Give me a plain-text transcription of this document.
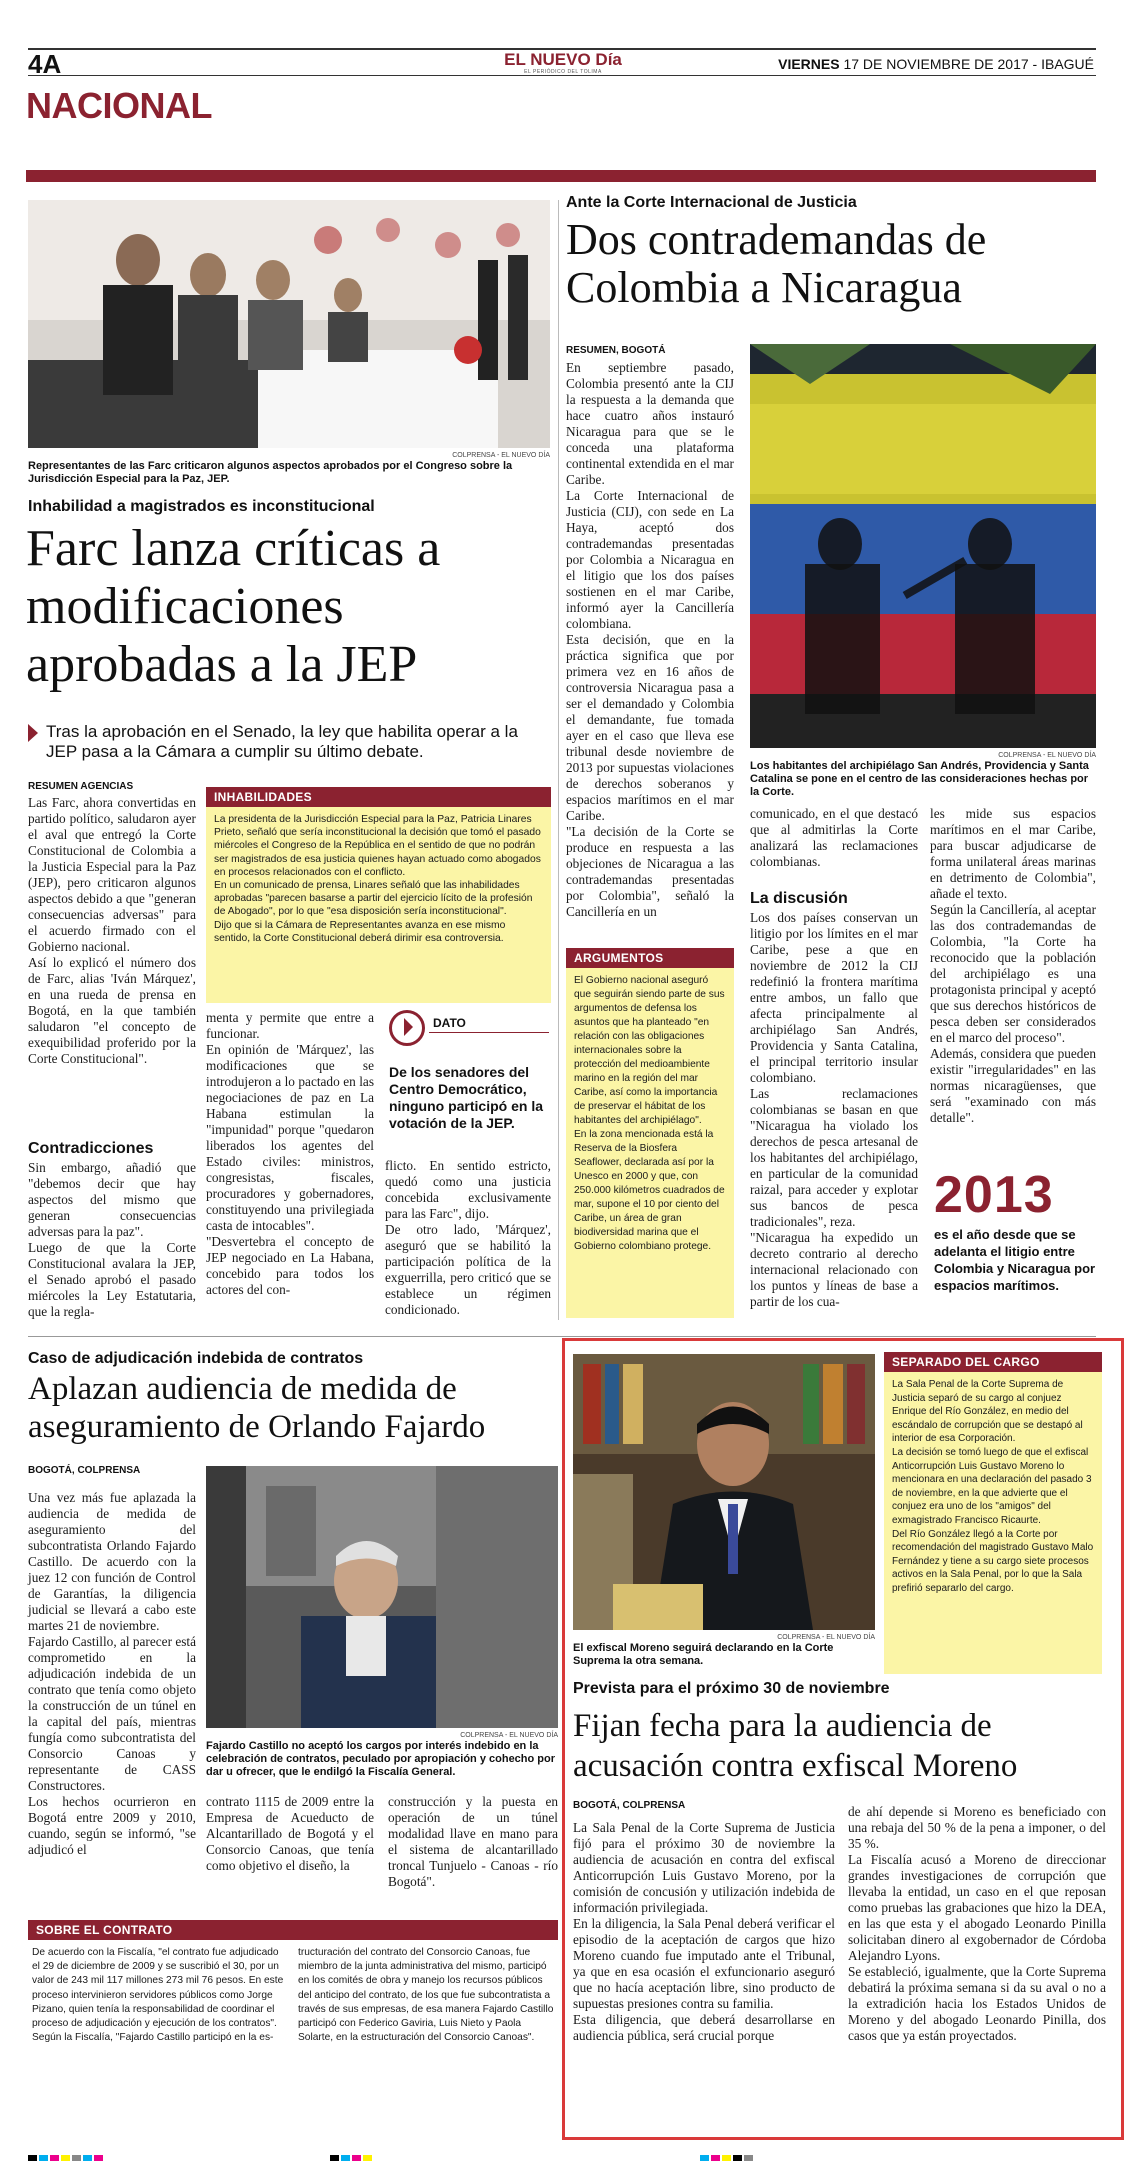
4A	EL NUEVO Día
EL PERIÓDICO DEL TOLIMA	VIERNES 17 DE NOVIEMBRE DE 2017 - IBAGUÉ
NACIONAL
COLPRENSA - EL NUEVO DÍA
Representantes de las Farc criticaron algunos aspectos aprobados por el Congreso sobre la Jurisdicción Especial para la Paz, JEP.
Inhabilidad a magistrados es inconstitucional
Farc lanza críticas a modificaciones aprobadas a la JEP
Tras la aprobación en el Senado, la ley que habilita operar a la JEP pasa a la Cámara a cumplir su último debate.
RESUMEN AGENCIAS
Las Farc, ahora convertidas en partido político, saludaron ayer el aval que entregó la Corte Constitucional de Colombia a la Justicia Especial para la Paz (JEP), pero criticaron algunos aspectos debido a que "generan consecuencias adversas" para el acuerdo firmado con el Gobierno nacional.
Así lo explicó el número dos de Farc, alias 'Iván Márquez', en una rueda de prensa en Bogotá, en la que también saludaron "el concepto de exequibilidad proferido por la Corte Constitucional".
Contradicciones
Sin embargo, añadió que "debemos decir que hay aspectos del mismo que generan consecuencias adversas para la paz".
Luego de que la Corte Constitucional avalara la JEP, el Senado aprobó el pasado miércoles la Ley Estatutaria, que la regla-
INHABILIDADES
La presidenta de la Jurisdicción Especial para la Paz, Patricia Linares Prieto, señaló que sería inconstitucional la decisión que tomó el pasado miércoles el Congreso de la República en el sentido de que no podrán ser magistrados de esa justicia quienes hayan actuado como abogados en procesos relacionados con el conflicto.
En un comunicado de prensa, Linares señaló que las inhabilidades aprobadas "parecen basarse a partir del ejercicio lícito de la profesión de Abogado", por lo que "esa disposición sería inconstitucional".
Dijo que si la Cámara de Representantes avanza en ese mismo sentido, la Corte Constitucional deberá dirimir esa controversia.
menta y permite que entre a funcionar.
En opinión de 'Márquez', las modificaciones que se introdujeron a lo pactado en las negociaciones de paz en La Habana estimulan la "impunidad" porque "quedaron liberados los agentes del Estado civiles: ministros, congresistas, fiscales, procuradores y gobernadores, constituyendo una privilegiada casta de intocables".
"Desvertebra el concepto de JEP negociado en La Habana, concebido para todos los actores del con-
DATO
De los senadores del Centro Democrático, ninguno participó en la votación de la JEP.
flicto. En sentido estricto, quedó como una justicia concebida exclusivamente para las Farc", dijo.
De otro lado, 'Márquez', aseguró que se habilitó la participación política de la exguerrilla, pero criticó que se establece un régimen condicionado.
Ante la Corte Internacional de Justicia
Dos contrademandas de Colombia a Nicaragua
RESUMEN, BOGOTÁ
En septiembre pasado, Colombia presentó ante la CIJ la respuesta a la demanda que hace cuatro años instauró Nicaragua para que se le conceda una plataforma continental extendida en el mar Caribe.
La Corte Internacional de Justicia (CIJ), con sede en La Haya, aceptó dos contrademandas presentadas por Colombia a Nicaragua en el litigio que los dos países sostienen en el mar Caribe, informó ayer la Cancillería colombiana.
Esta decisión, que en la práctica significa que por primera vez en 16 años de controversia Nicaragua pasa a ser el demandado y Colombia el demandante, fue tomada ayer en el caso que lleva ese tribunal desde noviembre de 2013 por supuestas violaciones de derechos soberanos y espacios marítimos en el mar Caribe.
"La decisión de la Corte se produce en respuesta a las objeciones de Nicaragua a las contrademandas presentadas por Colombia", señaló la Cancillería en un
COLPRENSA - EL NUEVO DÍA
Los habitantes del archipiélago San Andrés, Providencia y Santa Catalina se pone en el centro de las consideraciones hechas por la Corte.
ARGUMENTOS
El Gobierno nacional aseguró que seguirán siendo parte de sus argumentos de defensa los asuntos que ha planteado "en relación con las obligaciones internacionales sobre la protección del medioambiente marino en la región del mar Caribe, así como la importancia de preservar el hábitat de los habitantes del archipiélago".
En la zona mencionada está la Reserva de la Biosfera Seaflower, declarada así por la Unesco en 2000 y que, con 250.000 kilómetros cuadrados de mar, supone el 10 por ciento del Caribe, un área de gran biodiversidad marina que el Gobierno colombiano protege.
comunicado, en el que destacó que al admitirlas la Corte analizará las reclamaciones colombianas.
La discusión
Los dos países conservan un litigio por los límites en el mar Caribe, pese a que en noviembre de 2012 la CIJ redefinió la frontera marítima entre ambos, un fallo que afecta principalmente al archipiélago San Andrés, Providencia y Santa Catalina, el principal territorio insular colombiano.
Las reclamaciones colombianas se basan en que "Nicaragua ha violado los derechos de pesca artesanal de los habitantes del archipiélago, en particular de la comunidad raizal, para acceder y explotar sus bancos de pesca tradicionales", reza.
"Nicaragua ha expedido un decreto contrario al derecho internacional relacionado con los puntos y líneas de base a partir de los cua-
les mide sus espacios marítimos en el mar Caribe, para buscar adjudicarse de forma unilateral áreas marinas en detrimento de Colombia", añade el texto.
Según la Cancillería, al aceptar las dos contrademandas de Colombia, "la Corte ha reconocido que la población del archipiélago es una protagonista principal y aceptó que sus derechos históricos de pesca deben ser considerados en el marco del proceso".
Además, considera que pueden existir "irregularidades" en las normas nicaragüenses, que será "examinado con más detalle".
2013
es el año desde que se adelanta el litigio entre Colombia y Nicaragua por espacios marítimos.
Caso de adjudicación indebida de contratos
Aplazan audiencia de medida de aseguramiento de Orlando Fajardo
BOGOTÁ, COLPRENSA
Una vez más fue aplazada la audiencia de medida de aseguramiento del subcontratista Orlando Fajardo Castillo. De acuerdo con la juez 12 con función de Control de Garantías, la diligencia judicial se llevará a cabo este martes 21 de noviembre.
Fajardo Castillo, al parecer está comprometido en la adjudicación indebida de un contrato que tenía como objeto la construcción de un túnel en la capital del país, mientras fungía como subcontratista del Consorcio Canoas y representante de CASS Constructores.
Los hechos ocurrieron en Bogotá entre 2009 y 2010, cuando, según se informó, "se adjudicó el
COLPRENSA - EL NUEVO DÍA
Fajardo Castillo no aceptó los cargos por interés indebido en la celebración de contratos, peculado por apropiación y cohecho por dar u ofrecer, que le endilgó la Fiscalía General.
contrato 1115 de 2009 entre la Empresa de Acueducto de Alcantarillado de Bogotá y el Consorcio Canoas, que tenía como objetivo el diseño, la
construcción y la puesta en operación de un túnel modalidad llave en mano para el sistema de alcantarillado troncal Tunjuelo - Canoas - río Bogotá".
SOBRE EL CONTRATO
De acuerdo con la Fiscalía, "el contrato fue adjudicado el 29 de diciembre de 2009 y se suscribió el 30, por un valor de 243 mil 117 millones 273 mil 76 pesos. En este proceso intervinieron servidores públicos como Jorge Pizano, quien tenía la responsabilidad de coordinar el proceso de adjudicación y ejecución de los contratos".
Según la Fiscalía, "Fajardo Castillo participó en la es-
tructuración del contrato del Consorcio Canoas, fue miembro de la junta administrativa del mismo, participó en los comités de obra y manejo los recursos públicos del anticipo del contrato, de los que fue subcontratista a través de sus empresas, de esa manera Fajardo Castillo participó con Federico Gaviria, Luis Nieto y Paola Solarte, en la estructuración del Consorcio Canoas".
COLPRENSA - EL NUEVO DÍA
El exfiscal Moreno seguirá declarando en la Corte Suprema la otra semana.
SEPARADO DEL CARGO
La Sala Penal de la Corte Suprema de Justicia separó de su cargo al conjuez Enrique del Río González, en medio del escándalo de corrupción que se destapó al interior de esa Corporación.
La decisión se tomó luego de que el exfiscal Anticorrupción Luis Gustavo Moreno lo mencionara en una declaración del pasado 3 de noviembre, en la que advierte que el conjuez era uno de los "amigos" del exmagistrado Francisco Ricaurte.
Del Río González llegó a la Corte por recomendación del magistrado Gustavo Malo Fernández y tiene a su cargo siete procesos activos en la Sala Penal, por lo que la Sala prefirió separarlo del cargo.
Prevista para el próximo 30 de noviembre
Fijan fecha para la audiencia de acusación contra exfiscal Moreno
BOGOTÁ, COLPRENSA
La Sala Penal de la Corte Suprema de Justicia fijó para el próximo 30 de noviembre la audiencia de acusación en contra del exfiscal Anticorrupción Luis Gustavo Moreno, por la comisión de concusión y utilización indebida de información privilegiada.
En la diligencia, la Sala Penal deberá verificar el episodio de la aceptación de cargos que hizo Moreno cuando fue imputado ante el Tribunal, ya que en esa ocasión el exfuncionario aseguró que no hacía aceptación libre, sino producto de supuestas presiones contra su familia.
Esta diligencia, que deberá desarrollarse en audiencia pública, será crucial porque
de ahí depende si Moreno es beneficiado con una rebaja del 50 % de la pena a imponer, o del 35 %.
La Fiscalía acusó a Moreno de direccionar grandes investigaciones de corrupción que llevaba la entidad, un caso en el que reposan como pruebas las grabaciones que hizo la DEA, en las que esta y el abogado Leonardo Pinilla solicitaban dinero al exgobernador de Córdoba Alejandro Lyons.
Se estableció, igualmente, que la Corte Suprema debatirá la próxima semana si da su aval o no a la extradición hacia los Estados Unidos de Moreno y del abogado Leonardo Pinilla, dos casos que ya están proyectados.
